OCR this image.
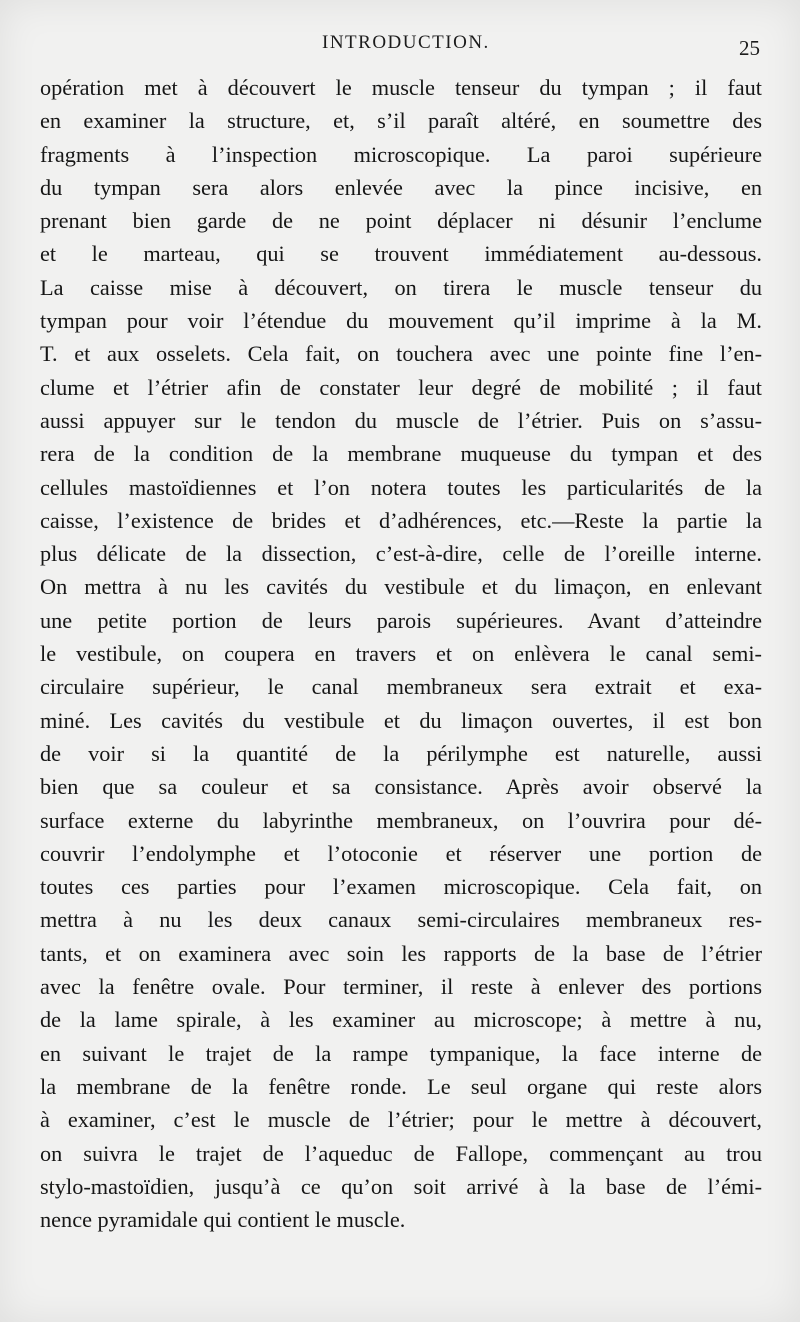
INTRODUCTION.	25
opération met à découvert le muscle tenseur du tympan ; il faut
en examiner la structure, et, s’il paraît altéré, en soumettre des
fragments à l’inspection microscopique. La paroi supérieure
du tympan sera alors enlevée avec la pince incisive, en
prenant bien garde de ne point déplacer ni désunir l’enclume
et le marteau, qui se trouvent immédiatement au-dessous.
La caisse mise à découvert, on tirera le muscle tenseur du
tympan pour voir l’étendue du mouvement qu’il imprime à la M.
T. et aux osselets. Cela fait, on touchera avec une pointe fine l’en-
clume et l’étrier afin de constater leur degré de mobilité ; il faut
aussi appuyer sur le tendon du muscle de l’étrier. Puis on s’assu-
rera de la condition de la membrane muqueuse du tympan et des
cellules mastoïdiennes et l’on notera toutes les particularités de la
caisse, l’existence de brides et d’adhérences, etc.—Reste la partie la
plus délicate de la dissection, c’est-à-dire, celle de l’oreille interne.
On mettra à nu les cavités du vestibule et du limaçon, en enlevant
une petite portion de leurs parois supérieures. Avant d’atteindre
le vestibule, on coupera en travers et on enlèvera le canal semi-
circulaire supérieur, le canal membraneux sera extrait et exa-
miné. Les cavités du vestibule et du limaçon ouvertes, il est bon
de voir si la quantité de la périlymphe est naturelle, aussi
bien que sa couleur et sa consistance. Après avoir observé la
surface externe du labyrinthe membraneux, on l’ouvrira pour dé-
couvrir l’endolymphe et l’otoconie et réserver une portion de
toutes ces parties pour l’examen microscopique. Cela fait, on
mettra à nu les deux canaux semi-circulaires membraneux res-
tants, et on examinera avec soin les rapports de la base de l’étrier
avec la fenêtre ovale. Pour terminer, il reste à enlever des portions
de la lame spirale, à les examiner au microscope; à mettre à nu,
en suivant le trajet de la rampe tympanique, la face interne de
la membrane de la fenêtre ronde. Le seul organe qui reste alors
à examiner, c’est le muscle de l’étrier; pour le mettre à découvert,
on suivra le trajet de l’aqueduc de Fallope, commençant au trou
stylo-mastoïdien, jusqu’à ce qu’on soit arrivé à la base de l’émi-
nence pyramidale qui contient le muscle.
